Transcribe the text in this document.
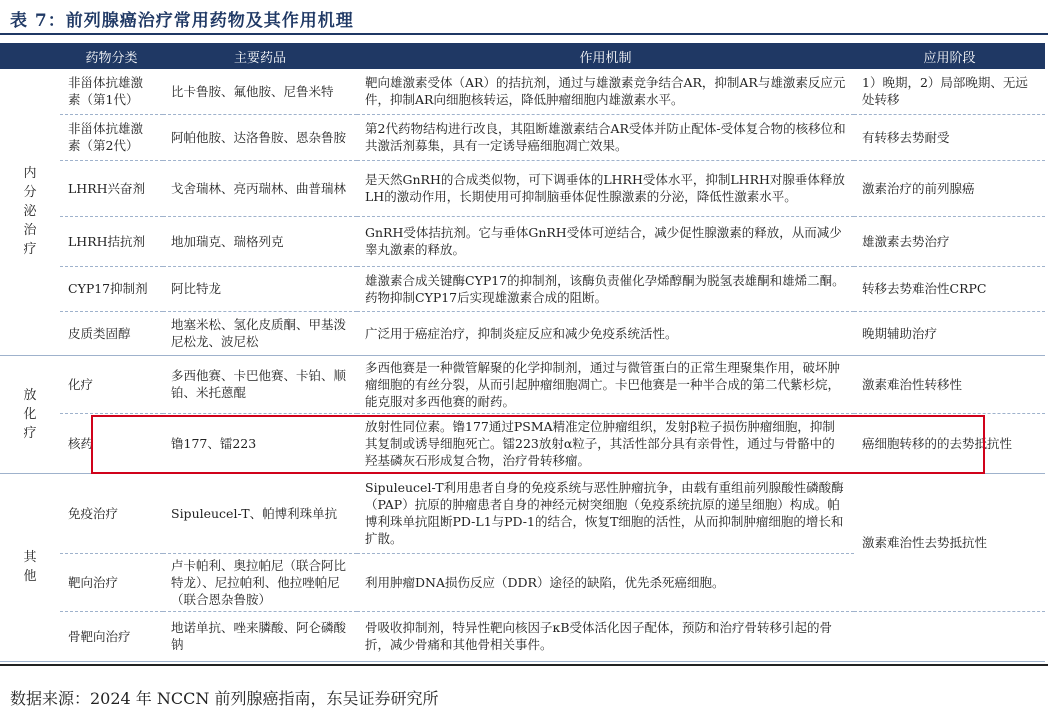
表 7：前列腺癌治疗常用药物及其作用机理
	药物分类	主要药品	作用机制	应用阶段
内分泌治疗	非甾体抗雄激素（第1代）	比卡鲁胺、氟他胺、尼鲁米特	靶向雄激素受体（AR）的拮抗剂，通过与雄激素竞争结合AR，抑制AR与雄激素反应元件，抑制AR向细胞核转运，降低肿瘤细胞内雄激素水平。	1）晚期，2）局部晚期、无远处转移
	非甾体抗雄激素（第2代）	阿帕他胺、达洛鲁胺、恩杂鲁胺	第2代药物结构进行改良，其阻断雄激素结合AR受体并防止配体-受体复合物的核移位和共激活剂募集，具有一定诱导癌细胞凋亡效果。	有转移去势耐受
	LHRH兴奋剂	戈舍瑞林、亮丙瑞林、曲普瑞林	是天然GnRH的合成类似物，可下调垂体的LHRH受体水平，抑制LHRH对腺垂体释放LH的激动作用，长期使用可抑制脑垂体促性腺激素的分泌，降低性激素水平。	激素治疗的前列腺癌
	LHRH拮抗剂	地加瑞克、瑞格列克	GnRH受体拮抗剂。它与垂体GnRH受体可逆结合，减少促性腺激素的释放，从而减少睾丸激素的释放。	雄激素去势治疗
	CYP17抑制剂	阿比特龙	雄激素合成关键酶CYP17的抑制剂，该酶负责催化孕烯醇酮为脱氢表雄酮和雄烯二酮。药物抑制CYP17后实现雄激素合成的阻断。	转移去势难治性CRPC
	皮质类固醇	地塞米松、氢化皮质酮、甲基泼尼松龙、波尼松	广泛用于癌症治疗，抑制炎症反应和减少免疫系统活性。	晚期辅助治疗
放化疗	化疗	多西他赛、卡巴他赛、卡铂、顺铂、米托蒽醌	多西他赛是一种微管解聚的化学抑制剂，通过与微管蛋白的正常生理聚集作用，破坏肿瘤细胞的有丝分裂，从而引起肿瘤细胞凋亡。卡巴他赛是一种半合成的第二代紫杉烷，能克服对多西他赛的耐药。	激素难治性转移性
	核药	镥177、镭223	放射性同位素。镥177通过PSMA精准定位肿瘤组织，发射β粒子损伤肿瘤细胞，抑制其复制或诱导细胞死亡。镭223放射α粒子，其活性部分具有亲骨性，通过与骨骼中的羟基磷灰石形成复合物，治疗骨转移瘤。	癌细胞转移的的去势抵抗性
其他	免疫治疗	Sipuleucel-T、帕博利珠单抗	Sipuleucel-T利用患者自身的免疫系统与恶性肿瘤抗争，由载有重组前列腺酸性磷酸酶（PAP）抗原的肿瘤患者自身的神经元树突细胞（免疫系统抗原的递呈细胞）构成。帕博利珠单抗阻断PD-L1与PD-1的结合，恢复T细胞的活性，从而抑制肿瘤细胞的增长和扩散。	激素难治性去势抵抗性
	靶向治疗	卢卡帕利、奥拉帕尼（联合阿比特龙）、尼拉帕利、他拉唑帕尼（联合恩杂鲁胺）	利用肿瘤DNA损伤反应（DDR）途径的缺陷，优先杀死癌细胞。	
	骨靶向治疗	地诺单抗、唑来膦酸、阿仑磷酸钠	骨吸收抑制剂，特异性靶向核因子κB受体活化因子配体，预防和治疗骨转移引起的骨折，减少骨痛和其他骨相关事件。	
数据来源：2024 年 NCCN 前列腺癌指南，东吴证券研究所
